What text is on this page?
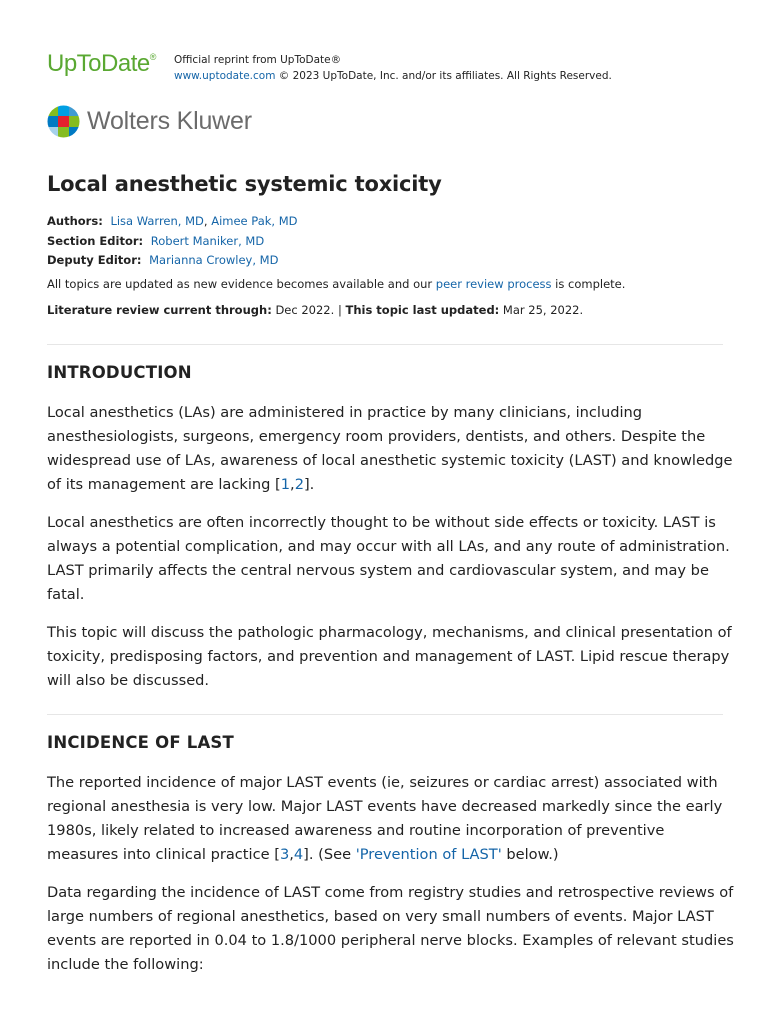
UpToDate® Official reprint from UpToDate®
www.uptodate.com © 2023 UpToDate, Inc. and/or its affiliates. All Rights Reserved.
Wolters Kluwer
Local anesthetic systemic toxicity
Authors: Lisa Warren, MD, Aimee Pak, MD
Section Editor: Robert Maniker, MD
Deputy Editor: Marianna Crowley, MD
All topics are updated as new evidence becomes available and our peer review process is complete.
Literature review current through: Dec 2022. | This topic last updated: Mar 25, 2022.
INTRODUCTION

Local anesthetics (LAs) are administered in practice by many clinicians, including anesthesiologists, surgeons, emergency room providers, dentists, and others. Despite the widespread use of LAs, awareness of local anesthetic systemic toxicity (LAST) and knowledge of its management are lacking [1,2].

Local anesthetics are often incorrectly thought to be without side effects or toxicity. LAST is always a potential complication, and may occur with all LAs, and any route of administration. LAST primarily affects the central nervous system and cardiovascular system, and may be fatal.

This topic will discuss the pathologic pharmacology, mechanisms, and clinical presentation of toxicity, predisposing factors, and prevention and management of LAST. Lipid rescue therapy will also be discussed.

INCIDENCE OF LAST

The reported incidence of major LAST events (ie, seizures or cardiac arrest) associated with regional anesthesia is very low. Major LAST events have decreased markedly since the early 1980s, likely related to increased awareness and routine incorporation of preventive measures into clinical practice [3,4]. (See 'Prevention of LAST' below.)

Data regarding the incidence of LAST come from registry studies and retrospective reviews of large numbers of regional anesthetics, based on very small numbers of events. Major LAST events are reported in 0.04 to 1.8/1000 peripheral nerve blocks. Examples of relevant studies include the following:
